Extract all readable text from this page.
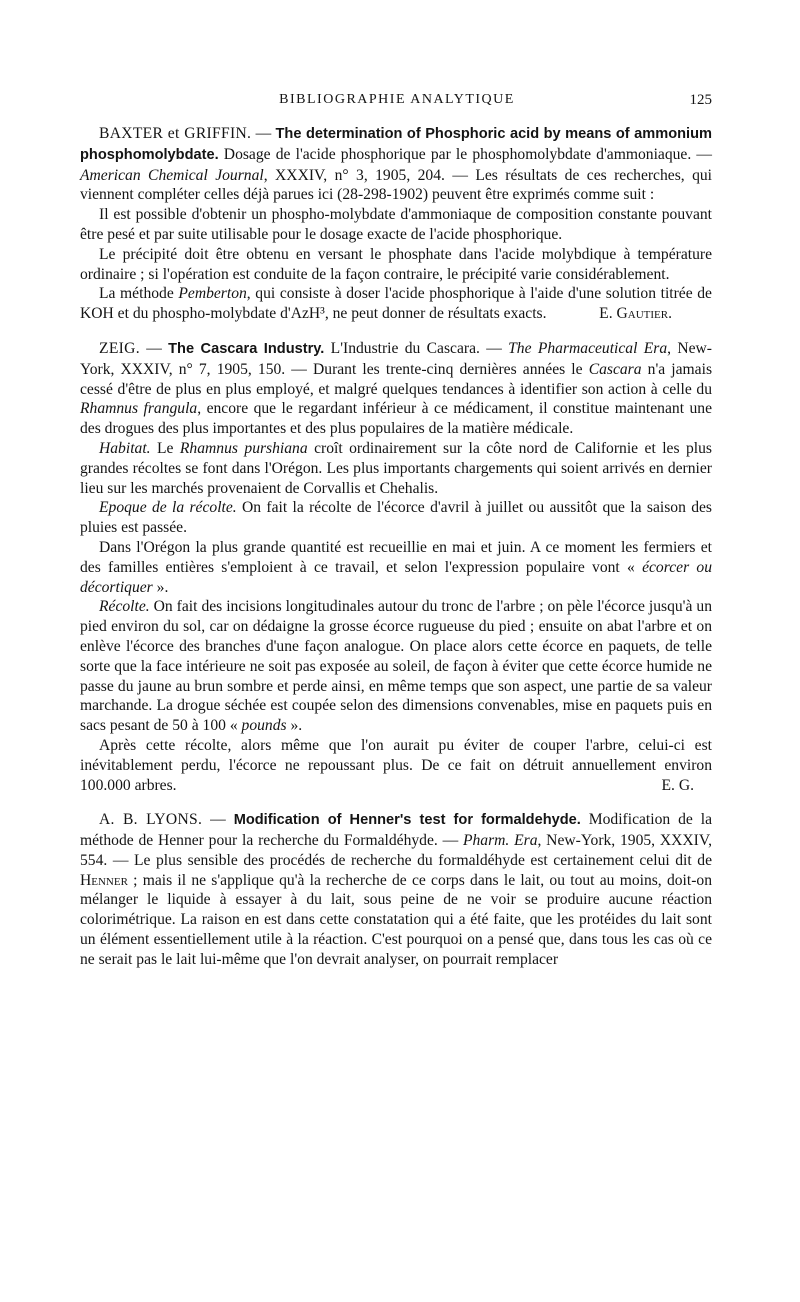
BIBLIOGRAPHIE ANALYTIQUE	125

BAXTER et GRIFFIN. — The determination of Phosphoric acid by means of ammonium phosphomolybdate. Dosage de l'acide phosphorique par le phosphomolybdate d'ammoniaque. — American Chemical Journal, XXXIV, n° 3, 1905, 204. — Les résultats de ces recherches, qui viennent compléter celles déjà parues ici (28-298-1902) peuvent être exprimés comme suit :

Il est possible d'obtenir un phospho-molybdate d'ammoniaque de composition constante pouvant être pesé et par suite utilisable pour le dosage exacte de l'acide phosphorique.

Le précipité doit être obtenu en versant le phosphate dans l'acide molybdique à température ordinaire ; si l'opération est conduite de la façon contraire, le précipité varie considérablement.

La méthode Pemberton, qui consiste à doser l'acide phosphorique à l'aide d'une solution titrée de KOH et du phospho-molybdate d'AzH³, ne peut donner de résultats exacts.	E. Gautier.

ZEIG. — The Cascara Industry. L'Industrie du Cascara. — The Pharmaceutical Era, New-York, XXXIV, n° 7, 1905, 150. — Durant les trente-cinq dernières années le Cascara n'a jamais cessé d'être de plus en plus employé, et malgré quelques tendances à identifier son action à celle du Rhamnus frangula, encore que le regardant inférieur à ce médicament, il constitue maintenant une des drogues des plus importantes et des plus populaires de la matière médicale.

Habitat. Le Rhamnus purshiana croît ordinairement sur la côte nord de Californie et les plus grandes récoltes se font dans l'Orégon. Les plus importants chargements qui soient arrivés en dernier lieu sur les marchés provenaient de Corvallis et Chehalis.

Epoque de la récolte. On fait la récolte de l'écorce d'avril à juillet ou aussitôt que la saison des pluies est passée.

Dans l'Orégon la plus grande quantité est recueillie en mai et juin. A ce moment les fermiers et des familles entières s'emploient à ce travail, et selon l'expression populaire vont « écorcer ou décortiquer ».

Récolte. On fait des incisions longitudinales autour du tronc de l'arbre ; on pèle l'écorce jusqu'à un pied environ du sol, car on dédaigne la grosse écorce rugueuse du pied ; ensuite on abat l'arbre et on enlève l'écorce des branches d'une façon analogue. On place alors cette écorce en paquets, de telle sorte que la face intérieure ne soit pas exposée au soleil, de façon à éviter que cette écorce humide ne passe du jaune au brun sombre et perde ainsi, en même temps que son aspect, une partie de sa valeur marchande. La drogue séchée est coupée selon des dimensions convenables, mise en paquets puis en sacs pesant de 50 à 100 « pounds ».

Après cette récolte, alors même que l'on aurait pu éviter de couper l'arbre, celui-ci est inévitablement perdu, l'écorce ne repoussant plus. De ce fait on détruit annuellement environ 100.000 arbres.	E. G.

A. B. LYONS. — Modification of Henner's test for formaldehyde. Modification de la méthode de Henner pour la recherche du Formaldéhyde. — Pharm. Era, New-York, 1905, XXXIV, 554. — Le plus sensible des procédés de recherche du formaldéhyde est certainement celui dit de Henner ; mais il ne s'applique qu'à la recherche de ce corps dans le lait, ou tout au moins, doit-on mélanger le liquide à essayer à du lait, sous peine de ne voir se produire aucune réaction colorimétrique. La raison en est dans cette constatation qui a été faite, que les protéides du lait sont un élément essentiellement utile à la réaction. C'est pourquoi on a pensé que, dans tous les cas où ce ne serait pas le lait lui-même que l'on devrait analyser, on pourrait remplacer
